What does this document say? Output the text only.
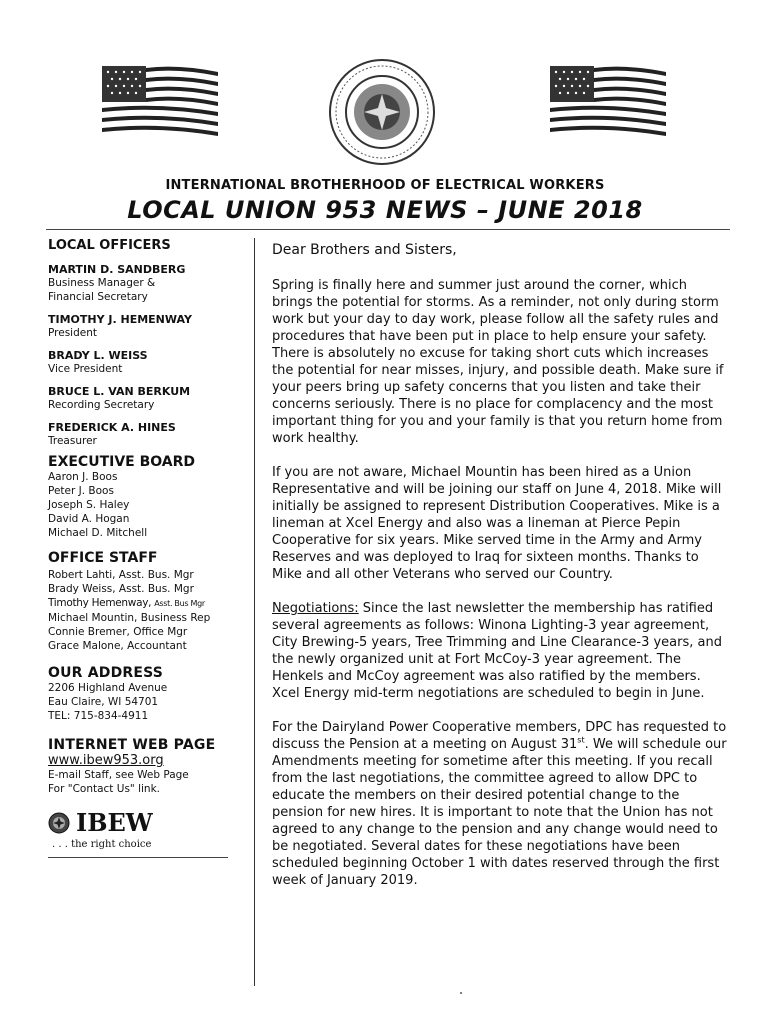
INTERNATIONAL BROTHERHOOD OF ELECTRICAL WORKERS
LOCAL UNION 953 NEWS – JUNE 2018
LOCAL OFFICERS
MARTIN D. SANDBERG
Business Manager & Financial Secretary
TIMOTHY J. HEMENWAY
President
BRADY L. WEISS
Vice President
BRUCE L. VAN BERKUM
Recording Secretary
FREDERICK A. HINES
Treasurer
EXECUTIVE BOARD
Aaron J. Boos
Peter J. Boos
Joseph S. Haley
David A. Hogan
Michael D. Mitchell
OFFICE STAFF
Robert Lahti, Asst. Bus. Mgr
Brady Weiss, Asst. Bus. Mgr
Timothy Hemenway, Asst. Bus Mgr
Michael Mountin, Business Rep
Connie Bremer, Office Mgr
Grace Malone, Accountant
OUR ADDRESS
2206 Highland Avenue
Eau Claire, WI 54701
TEL: 715-834-4911
INTERNET WEB PAGE
www.ibew953.org
E-mail Staff, see Web Page
For "Contact Us" link.
IBEW
. . . the right choice

Dear Brothers and Sisters,

Spring is finally here and summer just around the corner, which brings the potential for storms. As a reminder, not only during storm work but your day to day work, please follow all the safety rules and procedures that have been put in place to help ensure your safety. There is absolutely no excuse for taking short cuts which increases the potential for near misses, injury, and possible death. Make sure if your peers bring up safety concerns that you listen and take their concerns seriously. There is no place for complacency and the most important thing for you and your family is that you return home from work healthy.

If you are not aware, Michael Mountin has been hired as a Union Representative and will be joining our staff on June 4, 2018. Mike will initially be assigned to represent Distribution Cooperatives. Mike is a lineman at Xcel Energy and also was a lineman at Pierce Pepin Cooperative for six years. Mike served time in the Army and Army Reserves and was deployed to Iraq for sixteen months. Thanks to Mike and all other Veterans who served our Country.

Negotiations: Since the last newsletter the membership has ratified several agreements as follows: Winona Lighting-3 year agreement, City Brewing-5 years, Tree Trimming and Line Clearance-3 years, and the newly organized unit at Fort McCoy-3 year agreement. The Henkels and McCoy agreement was also ratified by the members. Xcel Energy mid-term negotiations are scheduled to begin in June.

For the Dairyland Power Cooperative members, DPC has requested to discuss the Pension at a meeting on August 31st. We will schedule our Amendments meeting for sometime after this meeting. If you recall from the last negotiations, the committee agreed to allow DPC to educate the members on their desired potential change to the pension for new hires. It is important to note that the Union has not agreed to any change to the pension and any change would need to be negotiated. Several dates for these negotiations have been scheduled beginning October 1 with dates reserved through the first week of January 2019.
